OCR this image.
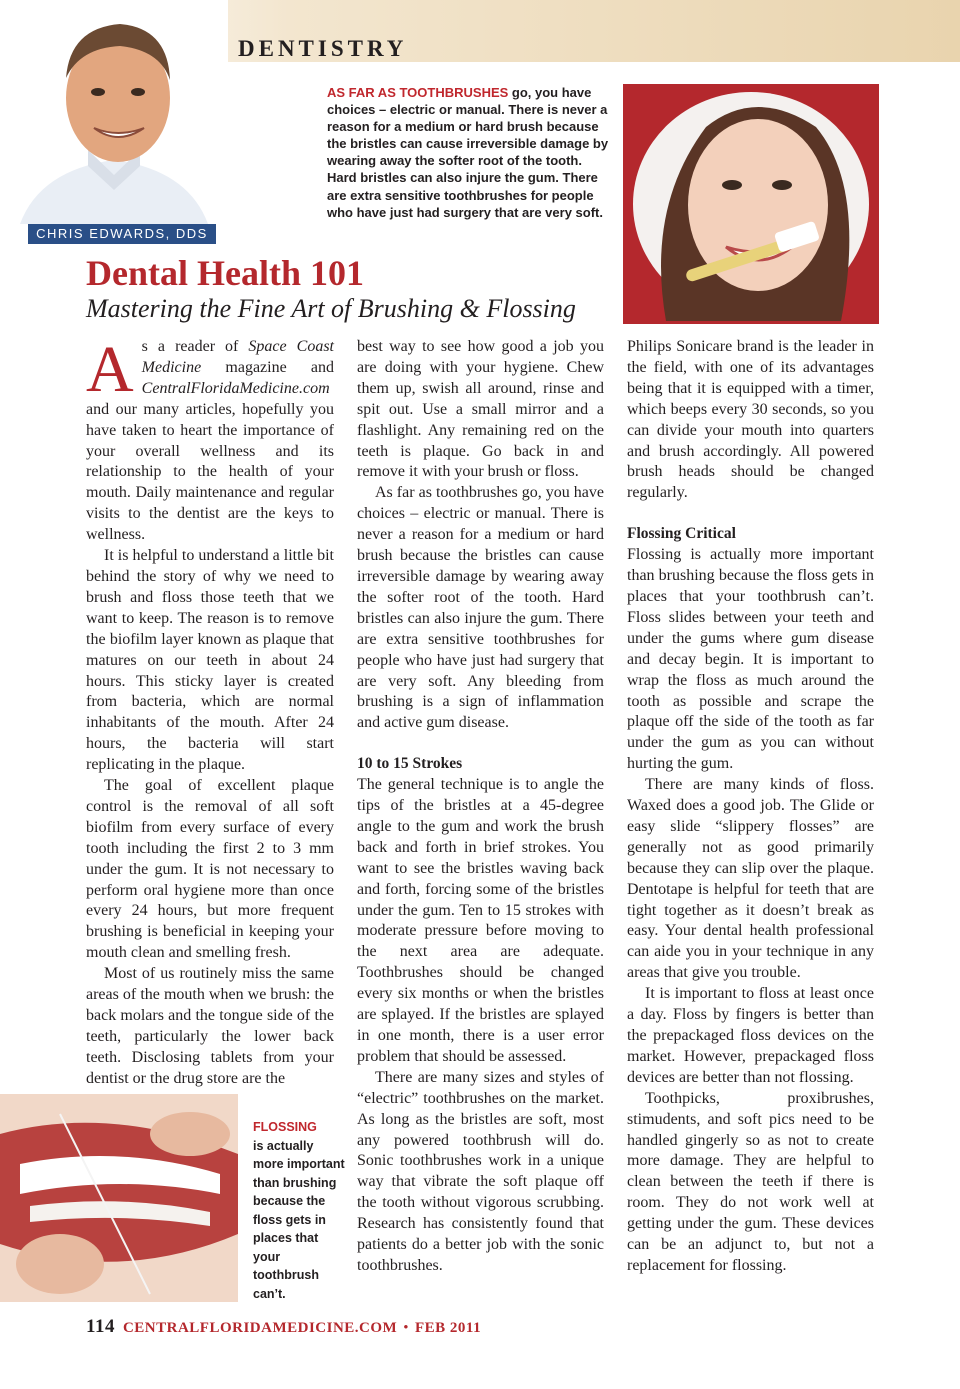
DENTISTRY
CHRIS EDWARDS, DDS
AS FAR AS TOOTHBRUSHES go, you have choices – electric or manual. There is never a reason for a medium or hard brush because the bristles can cause irreversible damage by wearing away the softer root of the tooth. Hard bristles can also injure the gum. There are extra sensitive toothbrushes for people who have just had surgery that are very soft.
Dental Health 101
Mastering the Fine Art of Brushing & Flossing

As a reader of Space Coast Medicine magazine and CentralFloridaMedicine.com and our many articles, hopefully you have taken to heart the importance of your overall wellness and its relationship to the health of your mouth. Daily maintenance and regular visits to the dentist are the keys to wellness.

It is helpful to understand a little bit behind the story of why we need to brush and floss those teeth that we want to keep. The reason is to remove the biofilm layer known as plaque that matures on our teeth in about 24 hours. This sticky layer is created from bacteria, which are normal inhabitants of the mouth. After 24 hours, the bacteria will start replicating in the plaque.

The goal of excellent plaque control is the removal of all soft biofilm from every surface of every tooth including the first 2 to 3 mm under the gum. It is not necessary to perform oral hygiene more than once every 24 hours, but more frequent brushing is beneficial in keeping your mouth clean and smelling fresh.

Most of us routinely miss the same areas of the mouth when we brush: the back molars and the tongue side of the teeth, particularly the lower back teeth. Disclosing tablets from your dentist or the drug store are the

best way to see how good a job you are doing with your hygiene. Chew them up, swish all around, rinse and spit out. Use a small mirror and a flashlight. Any remaining red on the teeth is plaque. Go back in and remove it with your brush or floss.

As far as toothbrushes go, you have choices – electric or manual. There is never a reason for a medium or hard brush because the bristles can cause irreversible damage by wearing away the softer root of the tooth. Hard bristles can also injure the gum. There are extra sensitive toothbrushes for people who have just had surgery that are very soft. Any bleeding from brushing is a sign of inflammation and active gum disease.

10 to 15 Strokes

The general technique is to angle the tips of the bristles at a 45-degree angle to the gum and work the brush back and forth in brief strokes. You want to see the bristles waving back and forth, forcing some of the bristles under the gum. Ten to 15 strokes with moderate pressure before moving to the next area are adequate. Toothbrushes should be changed every six months or when the bristles are splayed. If the bristles are splayed in one month, there is a user error problem that should be assessed.

There are many sizes and styles of “electric” toothbrushes on the market. As long as the bristles are soft, most any powered toothbrush will do. Sonic toothbrushes work in a unique way that vibrate the soft plaque off the tooth without vigorous scrubbing. Research has consistently found that patients do a better job with the sonic toothbrushes.

Philips Sonicare brand is the leader in the field, with one of its advantages being that it is equipped with a timer, which beeps every 30 seconds, so you can divide your mouth into quarters and brush accordingly. All powered brush heads should be changed regularly.

Flossing Critical

Flossing is actually more important than brushing because the floss gets in places that your toothbrush can’t. Floss slides between your teeth and under the gums where gum disease and decay begin. It is important to wrap the floss as much around the tooth as possible and scrape the plaque off the side of the tooth as far under the gum as you can without hurting the gum.

There are many kinds of floss. Waxed does a good job. The Glide or easy slide “slippery flosses” are generally not as good primarily because they can slip over the plaque. Dentotape is helpful for teeth that are tight together as it doesn’t break as easy. Your dental health professional can aide you in your technique in any areas that give you trouble.

It is important to floss at least once a day. Floss by fingers is better than the prepackaged floss devices on the market. However, prepackaged floss devices are better than not flossing.

Toothpicks, proxibrushes, stimudents, and soft pics need to be handled gingerly so as not to create more damage. They are helpful to clean between the teeth if there is room. They do not work well at getting under the gum. These devices can be an adjunct to, but not a replacement for flossing.

FLOSSING
is actually more important than brushing because the floss gets in places that your toothbrush can’t.
114 CENTRALFLORIDAMEDICINE.COM • FEB 2011
